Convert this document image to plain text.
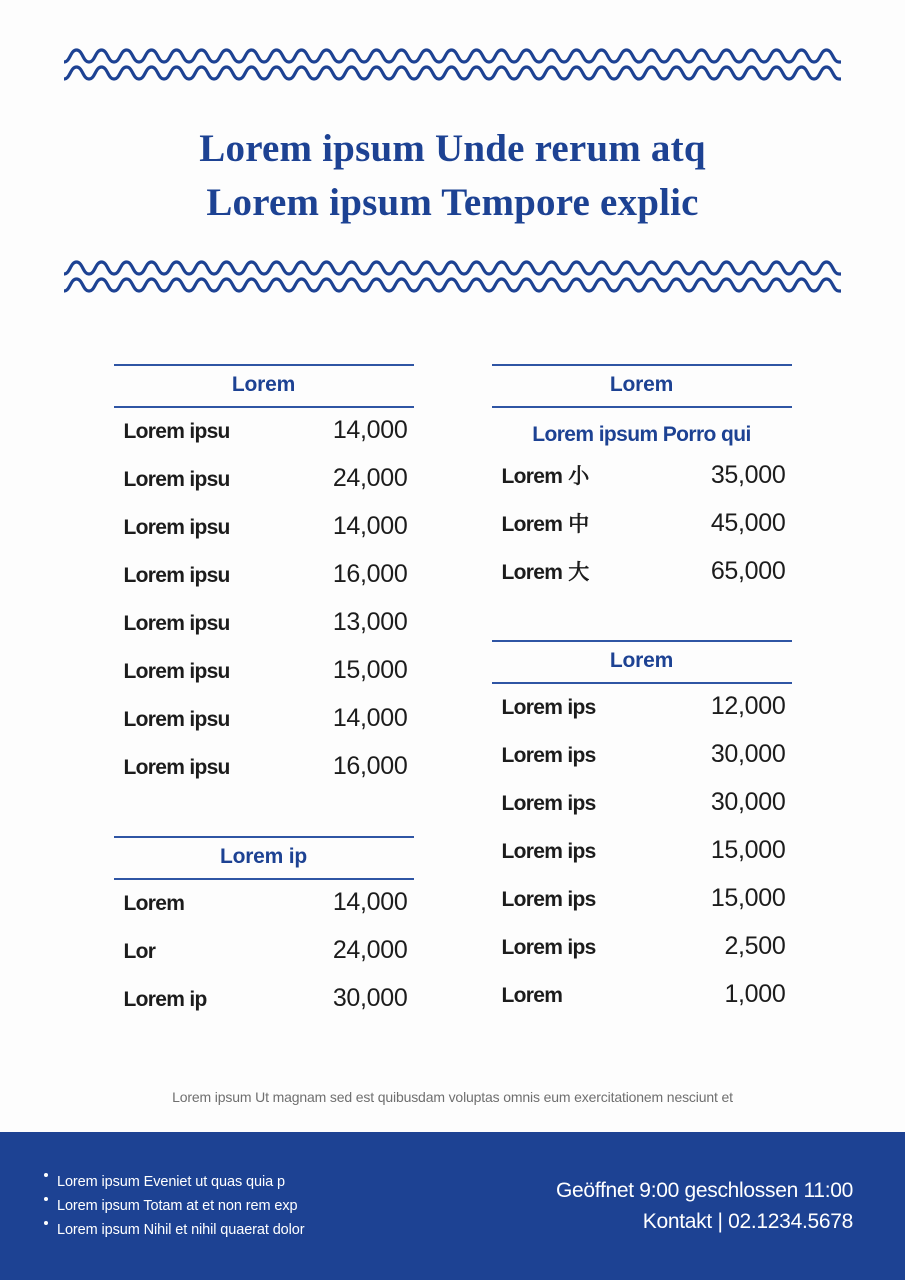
Lorem ipsum Unde rerum atq
Lorem ipsum Tempore explic
Lorem
Lorem ipsu	14,000
Lorem ipsu	24,000
Lorem ipsu	14,000
Lorem ipsu	16,000
Lorem ipsu	13,000
Lorem ipsu	15,000
Lorem ipsu	14,000
Lorem ipsu	16,000
Lorem ip
Lorem	14,000
Lor	24,000
Lorem ip	30,000
Lorem
Lorem ipsum Porro qui
Lorem 小	35,000
Lorem 中	45,000
Lorem 大	65,000
Lorem
Lorem ips	12,000
Lorem ips	30,000
Lorem ips	30,000
Lorem ips	15,000
Lorem ips	15,000
Lorem ips	2,500
Lorem	1,000
Lorem ipsum Ut magnam sed est quibusdam voluptas omnis eum exercitationem nesciunt et
Lorem ipsum Eveniet ut quas quia p
Lorem ipsum Totam at et non rem exp
Lorem ipsum Nihil et nihil quaerat dolor
Geöffnet 9:00 geschlossen 11:00
Kontakt | 02.1234.5678
